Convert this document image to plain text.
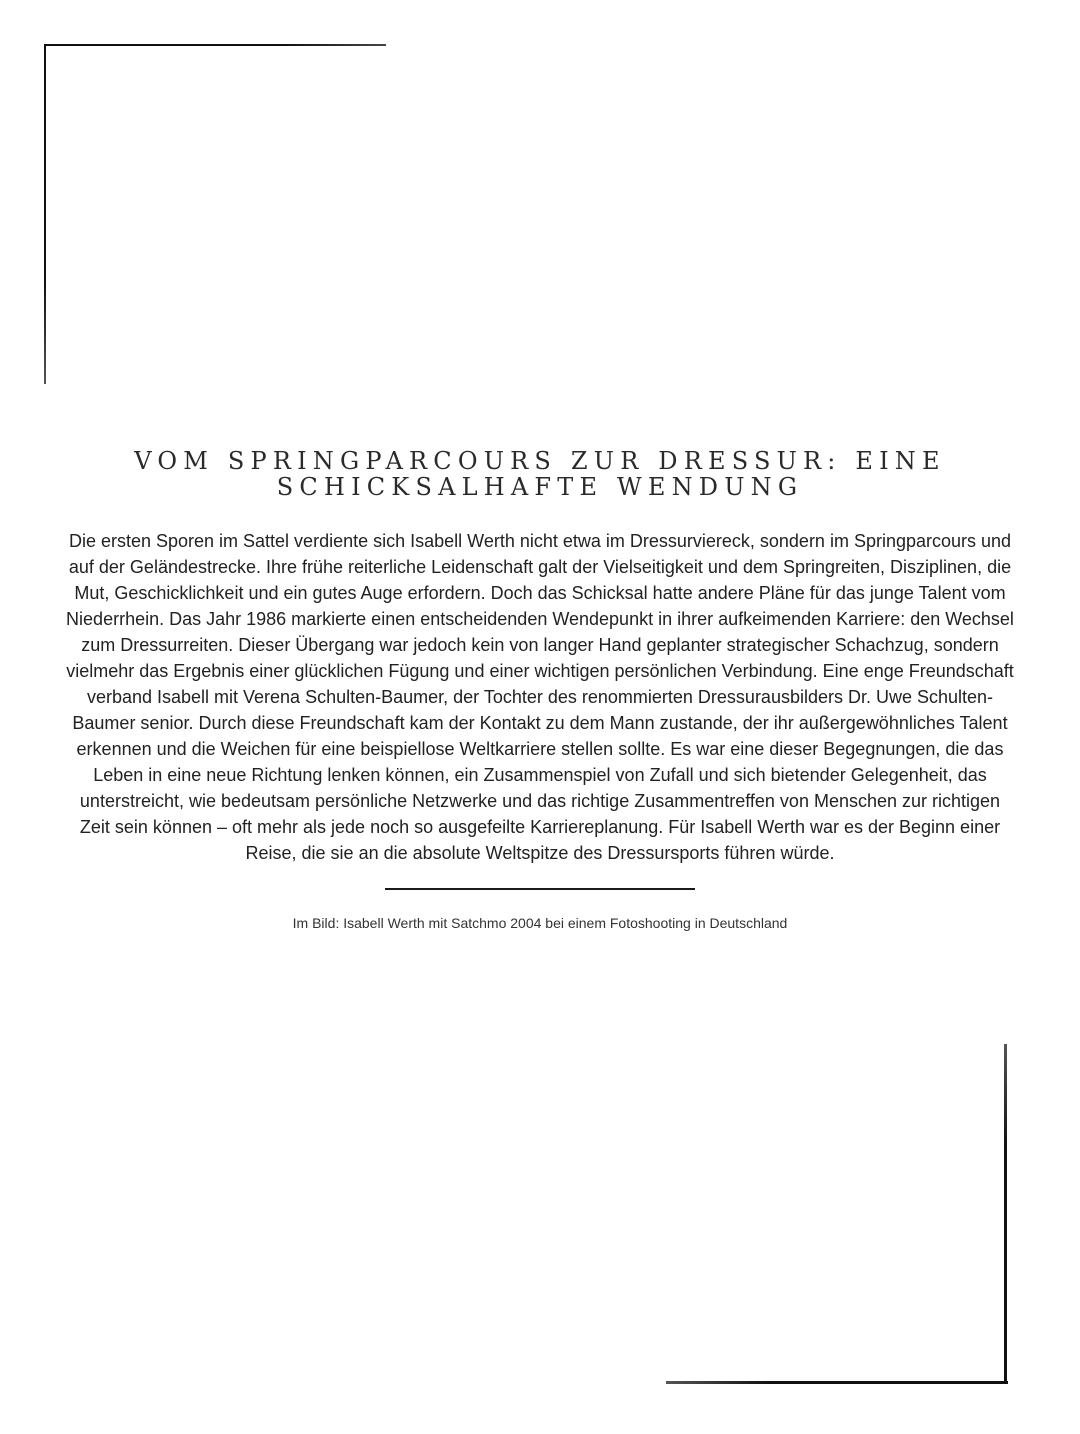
VOM SPRINGPARCOURS ZUR DRESSUR: EINE SCHICKSALHAFTE WENDUNG

Die ersten Sporen im Sattel verdiente sich Isabell Werth nicht etwa im Dressurviereck, sondern im Springparcours und auf der Geländestrecke. Ihre frühe reiterliche Leidenschaft galt der Vielseitigkeit und dem Springreiten, Disziplinen, die Mut, Geschicklichkeit und ein gutes Auge erfordern. Doch das Schicksal hatte andere Pläne für das junge Talent vom Niederrhein. Das Jahr 1986 markierte einen entscheidenden Wendepunkt in ihrer aufkeimenden Karriere: den Wechsel zum Dressurreiten. Dieser Übergang war jedoch kein von langer Hand geplanter strategischer Schachzug, sondern vielmehr das Ergebnis einer glücklichen Fügung und einer wichtigen persönlichen Verbindung. Eine enge Freundschaft verband Isabell mit Verena Schulten-Baumer, der Tochter des renommierten Dressurausbilders Dr. Uwe Schulten-Baumer senior. Durch diese Freundschaft kam der Kontakt zu dem Mann zustande, der ihr außergewöhnliches Talent erkennen und die Weichen für eine beispiellose Weltkarriere stellen sollte. Es war eine dieser Begegnungen, die das Leben in eine neue Richtung lenken können, ein Zusammenspiel von Zufall und sich bietender Gelegenheit, das unterstreicht, wie bedeutsam persönliche Netzwerke und das richtige Zusammentreffen von Menschen zur richtigen Zeit sein können – oft mehr als jede noch so ausgefeilte Karriereplanung. Für Isabell Werth war es der Beginn einer Reise, die sie an die absolute Weltspitze des Dressursports führen würde.

Im Bild: Isabell Werth mit Satchmo 2004 bei einem Fotoshooting in Deutschland
